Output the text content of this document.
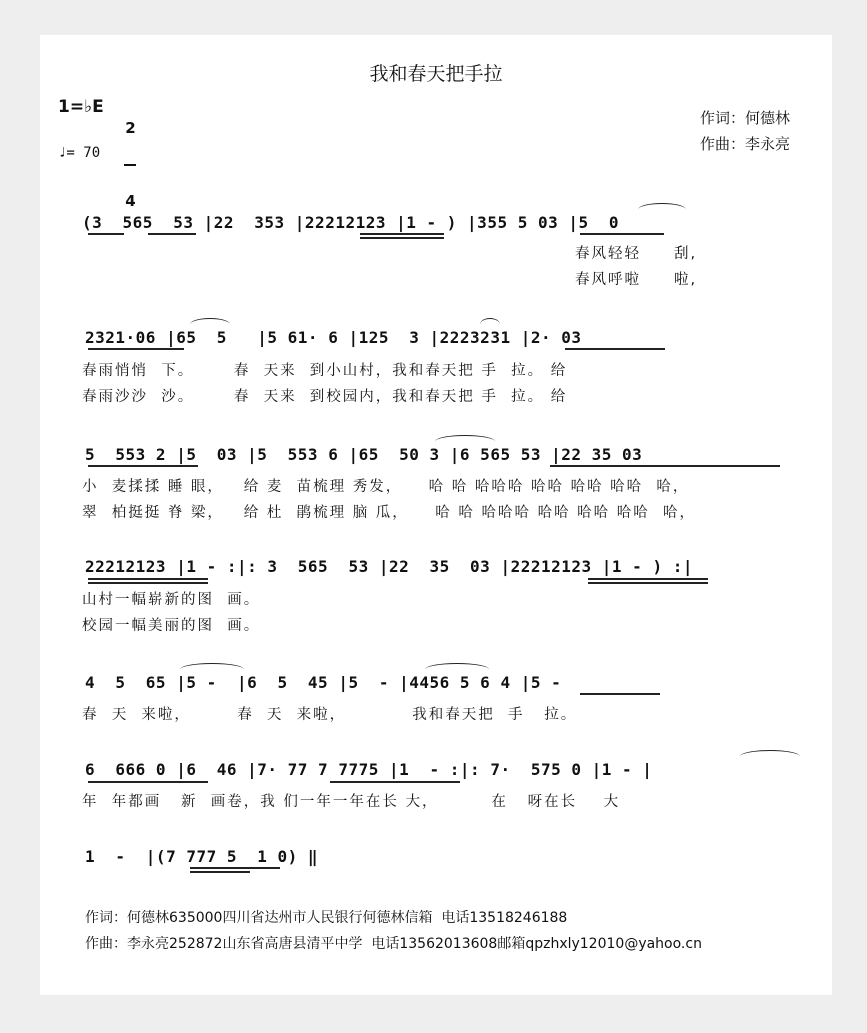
我和春天把手拉
1=♭E

2

4

♩= 70
作词：何德林
作曲：李永亮
(3  565  53 |22  353 |22212123 |1 - ) |355 5 03 |5  0
春风轻轻     刮,
春风呼啦     啦,
2321·06 |65  5   |5 61· 6 |125  3 |2223231 |2· 03
春雨悄悄  下。      春  天来  到小山村，我和春天把 手  拉。 给
春雨沙沙  沙。      春  天来  到校园内，我和春天把 手  拉。 给
5  553 2 |5  03 |5  553 6 |65  50 3 |6 565 53 |22 35 03
小  麦揉揉 睡 眼，   给 麦  苗梳理 秀发，    哈 哈 哈哈哈 哈哈 哈哈 哈哈  哈，
翠  柏挺挺 脊 梁，   给 杜  鹃梳理 脑 瓜，    哈 哈 哈哈哈 哈哈 哈哈 哈哈  哈，
22212123 |1 - :|: 3  565  53 |22  35  03 |22212123 |1 - ) :|
山村一幅崭新的图  画。
校园一幅美丽的图  画。
4  5  65 |5 -  |6  5  45 |5  - |4456 5 6 4 |5 -
春  天  来啦，       春  天  来啦，          我和春天把  手   拉。
6  666 0 |6  46 |7· 77 7 7775 |1  - :|: 7·  575 0 |1 - |
年  年都画   新  画卷，我 们一年一年在长 大，        在   呀在长    大
1  -  |(7 777 5  1 0) ‖
作词：何德林635000四川省达州市人民银行何德林信箱  电话13518246188
作曲：李永亮252872山东省高唐县清平中学  电话13562013608邮箱qpzhxly12010@yahoo.cn
